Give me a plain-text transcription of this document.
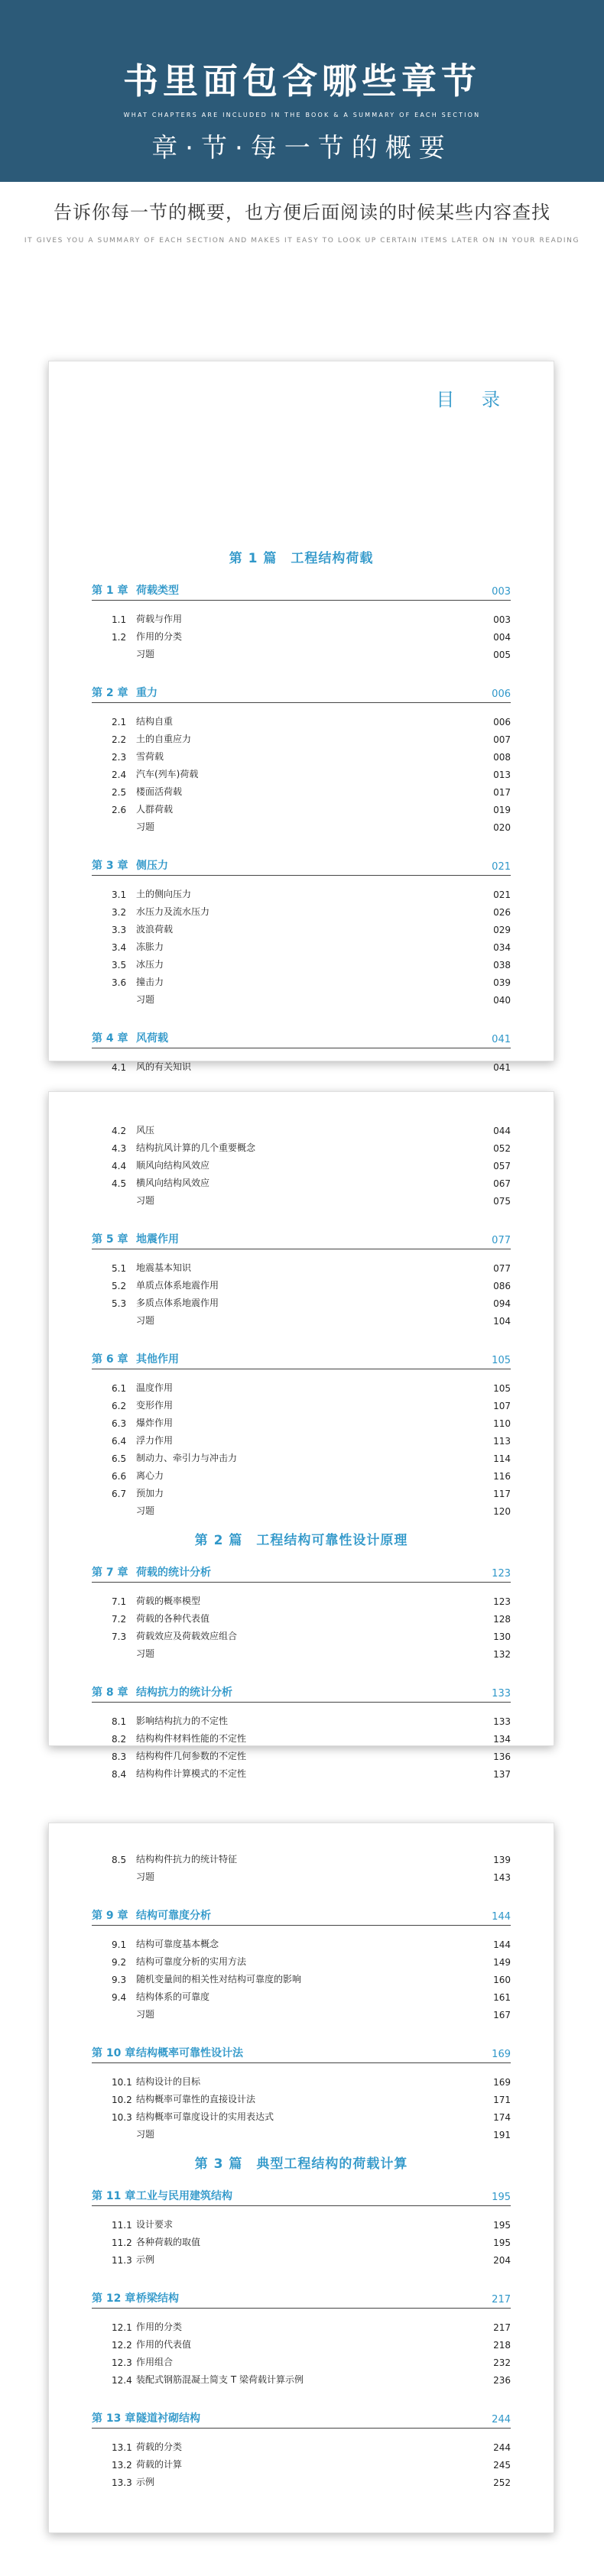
书里面包含哪些章节
WHAT CHAPTERS ARE INCLUDED IN THE BOOK & A SUMMARY OF EACH SECTION
章·节·每一节的概要
告诉你每一节的概要，也方便后面阅读的时候某些内容查找
IT GIVES YOU A SUMMARY OF EACH SECTION AND MAKES IT EASY TO LOOK UP CERTAIN ITEMS LATER ON IN YOUR READING
目 录
第 1 篇 工程结构荷载
第 1 章 荷载类型	003
1.1	荷载与作用	003
1.2	作用的分类	004
习题	005
第 2 章 重力	006
2.1	结构自重	006
2.2	土的自重应力	007
2.3	雪荷载	008
2.4	汽车(列车)荷载	013
2.5	楼面活荷载	017
2.6	人群荷载	019
习题	020
第 3 章 侧压力	021
3.1	土的侧向压力	021
3.2	水压力及流水压力	026
3.3	波浪荷载	029
3.4	冻胀力	034
3.5	冰压力	038
3.6	撞击力	039
习题	040
第 4 章 风荷载	041
4.1	风的有关知识	041
4.2	风压	044
4.3	结构抗风计算的几个重要概念	052
4.4	顺风向结构风效应	057
4.5	横风向结构风效应	067
习题	075
第 5 章 地震作用	077
5.1	地震基本知识	077
5.2	单质点体系地震作用	086
5.3	多质点体系地震作用	094
习题	104
第 6 章 其他作用	105
6.1	温度作用	105
6.2	变形作用	107
6.3	爆炸作用	110
6.4	浮力作用	113
6.5	制动力、牵引力与冲击力	114
6.6	离心力	116
6.7	预加力	117
习题	120
第 2 篇 工程结构可靠性设计原理
第 7 章 荷载的统计分析	123
7.1	荷载的概率模型	123
7.2	荷载的各种代表值	128
7.3	荷载效应及荷载效应组合	130
习题	132
第 8 章 结构抗力的统计分析	133
8.1	影响结构抗力的不定性	133
8.2	结构构件材料性能的不定性	134
8.3	结构构件几何参数的不定性	136
8.4	结构构件计算模式的不定性	137
8.5	结构构件抗力的统计特征	139
习题	143
第 9 章 结构可靠度分析	144
9.1	结构可靠度基本概念	144
9.2	结构可靠度分析的实用方法	149
9.3	随机变量间的相关性对结构可靠度的影响	160
9.4	结构体系的可靠度	161
习题	167
第 10 章 结构概率可靠性设计法	169
10.1 结构设计的目标	169
10.2 结构概率可靠性的直接设计法	171
10.3 结构概率可靠度设计的实用表达式	174
习题	191
第 3 篇 典型工程结构的荷载计算
第 11 章 工业与民用建筑结构	195
11.1 设计要求	195
11.2 各种荷载的取值	195
11.3 示例	204
第 12 章 桥梁结构	217
12.1 作用的分类	217
12.2 作用的代表值	218
12.3 作用组合	232
12.4 装配式钢筋混凝土简支 T 梁荷载计算示例	236
第 13 章 隧道衬砌结构	244
13.1 荷载的分类	244
13.2 荷载的计算	245
13.3 示例	252
